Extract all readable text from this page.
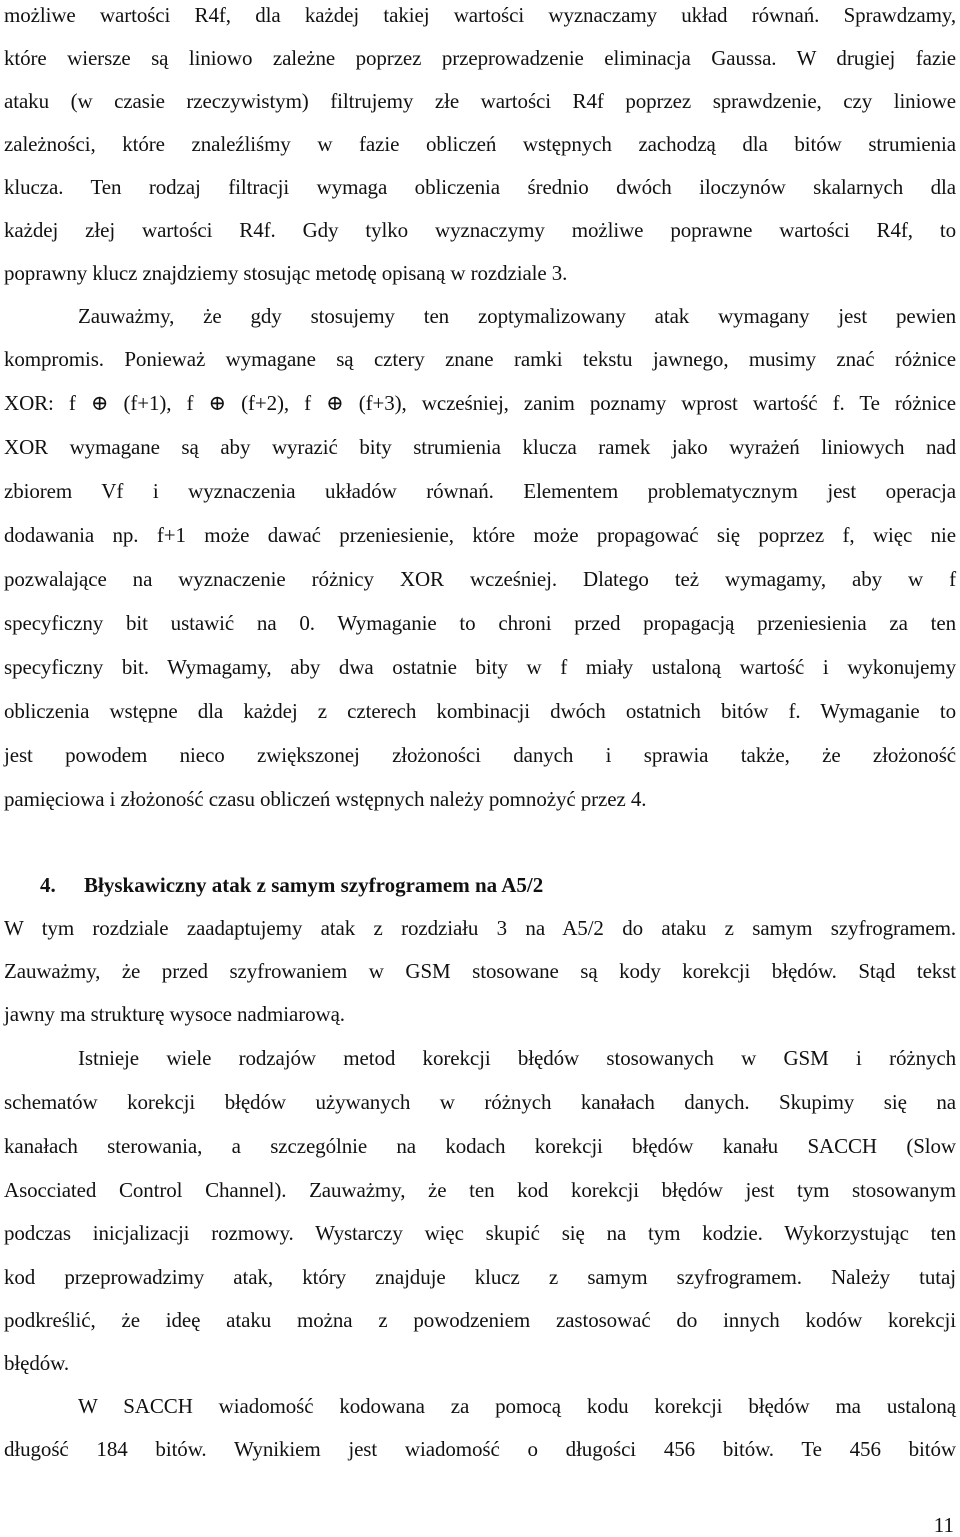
możliwe wartości R4f, dla każdej takiej wartości wyznaczamy układ równań. Sprawdzamy,
które wiersze są liniowo zależne poprzez przeprowadzenie eliminacja Gaussa. W drugiej fazie
ataku (w czasie rzeczywistym) filtrujemy złe wartości R4f poprzez sprawdzenie, czy liniowe
zależności, które znaleźliśmy w fazie obliczeń wstępnych zachodzą dla bitów strumienia
klucza. Ten rodzaj filtracji wymaga obliczenia średnio dwóch iloczynów skalarnych dla
każdej złej wartości R4f. Gdy tylko wyznaczymy możliwe poprawne wartości R4f, to
poprawny klucz znajdziemy stosując metodę opisaną w rozdziale 3.
Zauważmy, że gdy stosujemy ten zoptymalizowany atak wymagany jest pewien
kompromis. Ponieważ wymagane są cztery znane ramki tekstu jawnego, musimy znać różnice
XOR: f ⊕ (f+1), f ⊕ (f+2), f ⊕ (f+3), wcześniej, zanim poznamy wprost wartość f. Te różnice
XOR wymagane są aby wyrazić bity strumienia klucza ramek jako wyrażeń liniowych nad
zbiorem Vf i wyznaczenia układów równań. Elementem problematycznym jest operacja
dodawania np. f+1 może dawać przeniesienie, które może propagować się poprzez f, więc nie
pozwalające na wyznaczenie różnicy XOR wcześniej. Dlatego też wymagamy, aby w f
specyficzny bit ustawić na 0. Wymaganie to chroni przed propagacją przeniesienia za ten
specyficzny bit. Wymagamy, aby dwa ostatnie bity w f miały ustaloną wartość i wykonujemy
obliczenia wstępne dla każdej z czterech kombinacji dwóch ostatnich bitów f. Wymaganie to
jest powodem nieco zwiększonej złożoności danych i sprawia także, że złożoność
pamięciowa i złożoność czasu obliczeń wstępnych należy pomnożyć przez 4.
4. Błyskawiczny atak z samym szyfrogramem na A5/2
W tym rozdziale zaadaptujemy atak z rozdziału 3 na A5/2 do ataku z samym szyfrogramem.
Zauważmy, że przed szyfrowaniem w GSM stosowane są kody korekcji błędów. Stąd tekst
jawny ma strukturę wysoce nadmiarową.
Istnieje wiele rodzajów metod korekcji błędów stosowanych w GSM i różnych
schematów korekcji błędów używanych w różnych kanałach danych. Skupimy się na
kanałach sterowania, a szczególnie na kodach korekcji błędów kanału SACCH (Slow
Asocciated Control Channel). Zauważmy, że ten kod korekcji błędów jest tym stosowanym
podczas inicjalizacji rozmowy. Wystarczy więc skupić się na tym kodzie. Wykorzystując ten
kod przeprowadzimy atak, który znajduje klucz z samym szyfrogramem. Należy tutaj
podkreślić, że ideę ataku można z powodzeniem zastosować do innych kodów korekcji
błędów.
W SACCH wiadomość kodowana za pomocą kodu korekcji błędów ma ustaloną
długość 184 bitów. Wynikiem jest wiadomość o długości 456 bitów. Te 456 bitów
11
